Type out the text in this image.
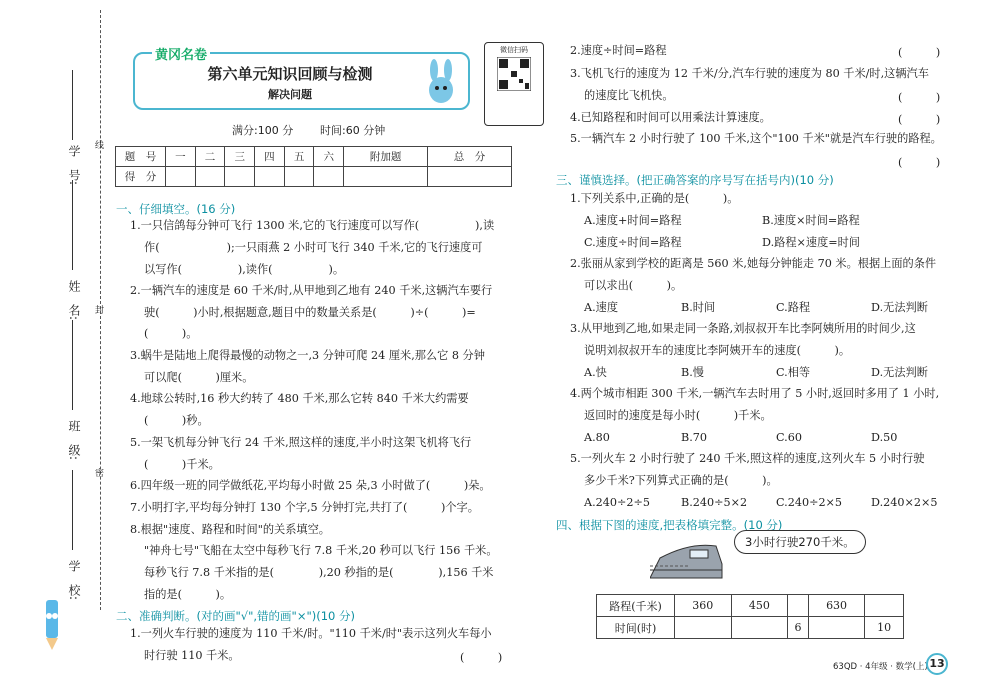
学　校:
班　级:
姓　名:
学　号:
线
封
密
黄冈名卷
第六单元知识回顾与检测
解决问题
微信扫码
满分:100 分 时间:60 分钟
题　号	一	二	三	四	五	六	附加题	总　分
得　分								
一、仔细填空。(16 分)
1.一只信鸽每分钟可飞行 1300 米,它的飞行速度可以写作(　　　　　),读
作(　　　　　　);一只雨燕 2 小时可飞行 340 千米,它的飞行速度可
以写作(　　　　　),读作(　　　　　)。
2.一辆汽车的速度是 60 千米/时,从甲地到乙地有 240 千米,这辆汽车要行
驶(　　　)小时,根据题意,题目中的数量关系是(　　　)÷(　　　)=
(　　　)。
3.蜗牛是陆地上爬得最慢的动物之一,3 分钟可爬 24 厘米,那么它 8 分钟
可以爬(　　　)厘米。
4.地球公转时,16 秒大约转了 480 千米,那么它转 840 千米大约需要
(　　　)秒。
5.一架飞机每分钟飞行 24 千米,照这样的速度,半小时这架飞机将飞行
(　　　)千米。
6.四年级一班的同学做纸花,平均每小时做 25 朵,3 小时做了(　　　)朵。
7.小明打字,平均每分钟打 130 个字,5 分钟打完,共打了(　　　)个字。
8.根据"速度、路程和时间"的关系填空。
"神舟七号"飞船在太空中每秒飞行 7.8 千米,20 秒可以飞行 156 千米。
每秒飞行 7.8 千米指的是(　　　　),20 秒指的是(　　　　),156 千米
指的是(　　　)。
二、准确判断。(对的画"√",错的画"×")(10 分)
1.一列火车行驶的速度为 110 千米/时。"110 千米/时"表示这列火车每小
时行驶 110 千米。	(　　　)
2.速度÷时间=路程	(　　　)
3.飞机飞行的速度为 12 千米/分,汽车行驶的速度为 80 千米/时,这辆汽车
的速度比飞机快。	(　　　)
4.已知路程和时间可以用乘法计算速度。	(　　　)
5.一辆汽车 2 小时行驶了 100 千米,这个"100 千米"就是汽车行驶的路程。
(　　　)
三、谨慎选择。(把正确答案的序号写在括号内)(10 分)
1.下列关系中,正确的是(　　　)。
A.速度+时间=路程	B.速度×时间=路程
C.速度÷时间=路程	D.路程×速度=时间
2.张丽从家到学校的距离是 560 米,她每分钟能走 70 米。根据上面的条件
可以求出(　　　)。
A.速度	B.时间	C.路程	D.无法判断
3.从甲地到乙地,如果走同一条路,刘叔叔开车比李阿姨所用的时间少,这
说明刘叔叔开车的速度比李阿姨开车的速度(　　　)。
A.快	B.慢	C.相等	D.无法判断
4.两个城市相距 300 千米,一辆汽车去时用了 5 小时,返回时多用了 1 小时,
返回时的速度是每小时(　　　)千米。
A.80	B.70	C.60	D.50
5.一列火车 2 小时行驶了 240 千米,照这样的速度,这列火车 5 小时行驶
多少千米?下列算式正确的是(　　　)。
A.240÷2÷5	B.240÷5×2	C.240÷2×5	D.240×2×5
四、根据下图的速度,把表格填完整。(10 分)
3小时行驶270千米。
路程(千米)	360	450		630	
时间(时)			6		10
63QD · 4年级 · 数学(上) 13
